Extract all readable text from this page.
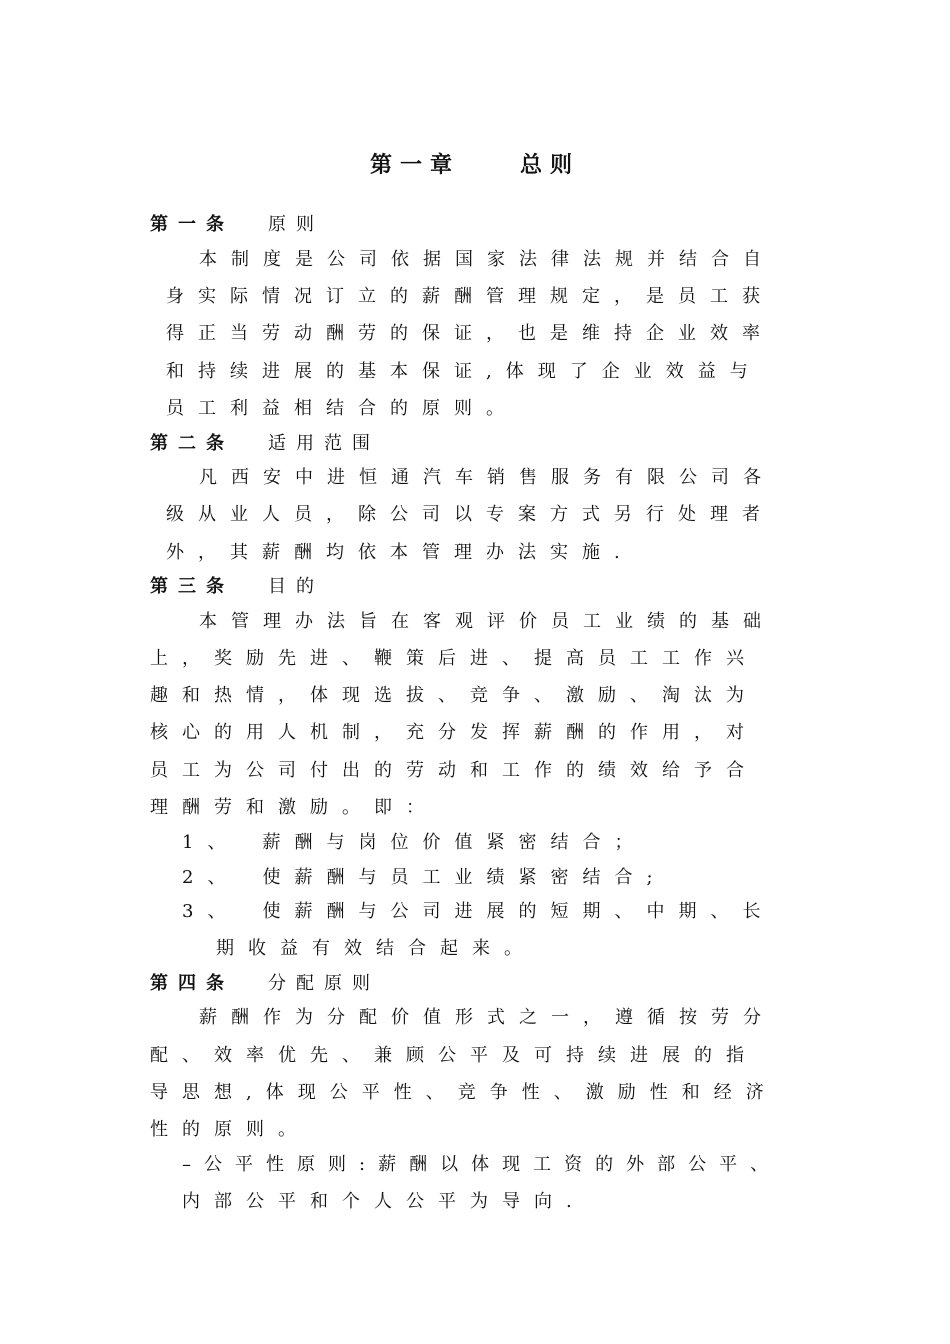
第一章　　总则
第一条 原则
本制度是公司依据国家法律法规并结合自
身实际情况订立的薪酬管理规定，是员工获
得正当劳动酬劳的保证，也是维持企业效率
和持续进展的基本保证,体现了企业效益与
员工利益相结合的原则。
第二条 适用范围
凡西安中进恒通汽车销售服务有限公司各
级从业人员，除公司以专案方式另行处理者
外，其薪酬均依本管理办法实施.
第三条 目的
本管理办法旨在客观评价员工业绩的基础
上，奖励先进、鞭策后进、提高员工工作兴
趣和热情，体现选拔、竞争、激励、淘汰为
核心的用人机制，充分发挥薪酬的作用，对
员工为公司付出的劳动和工作的绩效给予合
理酬劳和激励。即：
1、　薪酬与岗位价值紧密结合；
2、　使薪酬与员工业绩紧密结合;
3、　使薪酬与公司进展的短期、中期、长
期收益有效结合起来。
第四条 分配原则
薪酬作为分配价值形式之一，遵循按劳分
配、效率优先、兼顾公平及可持续进展的指
导思想,体现公平性、竞争性、激励性和经济
性的原则。
–公平性原则:薪酬以体现工资的外部公平、
内部公平和个人公平为导向.
